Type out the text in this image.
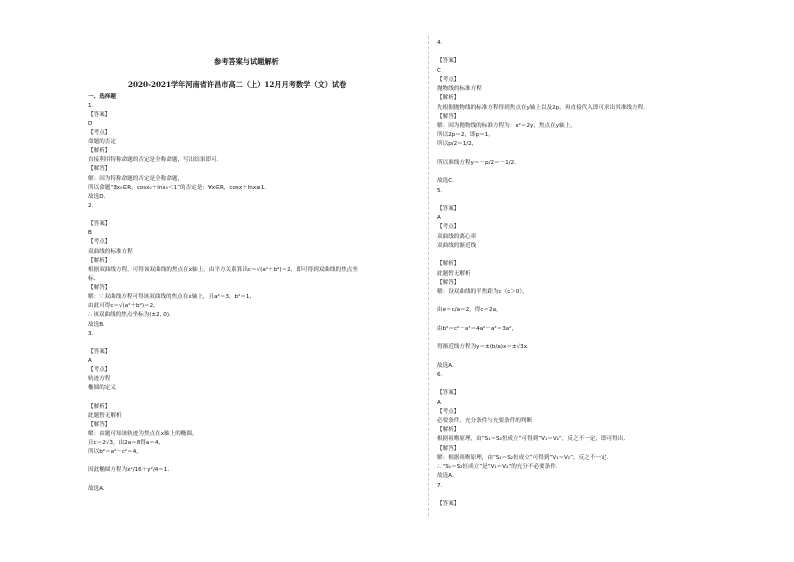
参考答案与试题解析
2020-2021学年河南省许昌市高二（上）12月月考数学（文）试卷
一、选择题
1.
【答案】
D
【考点】
命题的否定
【解析】
直接利用特称命题的否定是全称命题，写出结果即可．
【解答】
解：因为特称命题的否定是全称命题，
所以命题“∃x₀∈R，cosx₀＋lnx₀＜1”的否定是：∀x∈R，cosx＋lnx≥1．
故选D．
2.
【答案】
B
【考点】
双曲线的标准方程
【解析】
根据双曲线方程，可得该双曲线的焦点在x轴上，由平方关系算出c＝√(a²＋b²)＝2，即可得到双曲线的焦点坐
标．
【解答】
解：∵ 双曲线方程可得该双曲线的焦点在x轴上，且a²＝3，b²＝1，
由此可得c＝√(a²＋b²)＝2，
∴ 该双曲线的焦点坐标为(±2, 0)．
故选B．
3.
【答案】
A
【考点】
轨迹方程
椭圆的定义
【解析】
此题暂无解析
【解答】
解：由题可知该轨迹为焦点在x轴上的椭圆，
且c＝2√3，由2a＝8得a＝4，
所以b²＝a²－c²＝4，
因此椭圆方程为x²/16＋y²/4＝1．
故选A．
4.
【答案】
C
【考点】
抛物线的标准方程
【解析】
先根据抛物线的标准方程得到焦点在y轴上以及2p，再直接代入即可求出其准线方程．
【解答】
解：因为抛物线的标准方程为：x²＝2y，焦点在y轴上，
所以2p＝2，即p＝1，
所以p/2＝1/2，
所以准线方程y＝－p/2＝－1/2．
故选C．
5.
【答案】
A
【考点】
双曲线的离心率
双曲线的渐近线
【解析】
此题暂无解析
【解答】
解：设双曲线的半焦距为c（c＞0），
由e＝c/a＝2，得c＝2a，
由b²＝c²－a²＝4a²－a²＝3a²，
得渐近线方程为y＝±(b/a)x＝±√3x．
故选A．
6.
【答案】
A
【考点】
必要条件、充分条件与充要条件的判断
【解析】
根据祖暅原理，由“S₁＝S₂恒成立”可得到“V₁＝V₂”，反之不一定，即可得出．
【解答】
解：根据祖暅原理，由“S₁＝S₂恒成立”可得到“V₁＝V₂”，反之不一定．
∴ “S₁＝S₂恒成立”是“V₁＝V₂”的充分不必要条件．
故选A．
7.
【答案】
